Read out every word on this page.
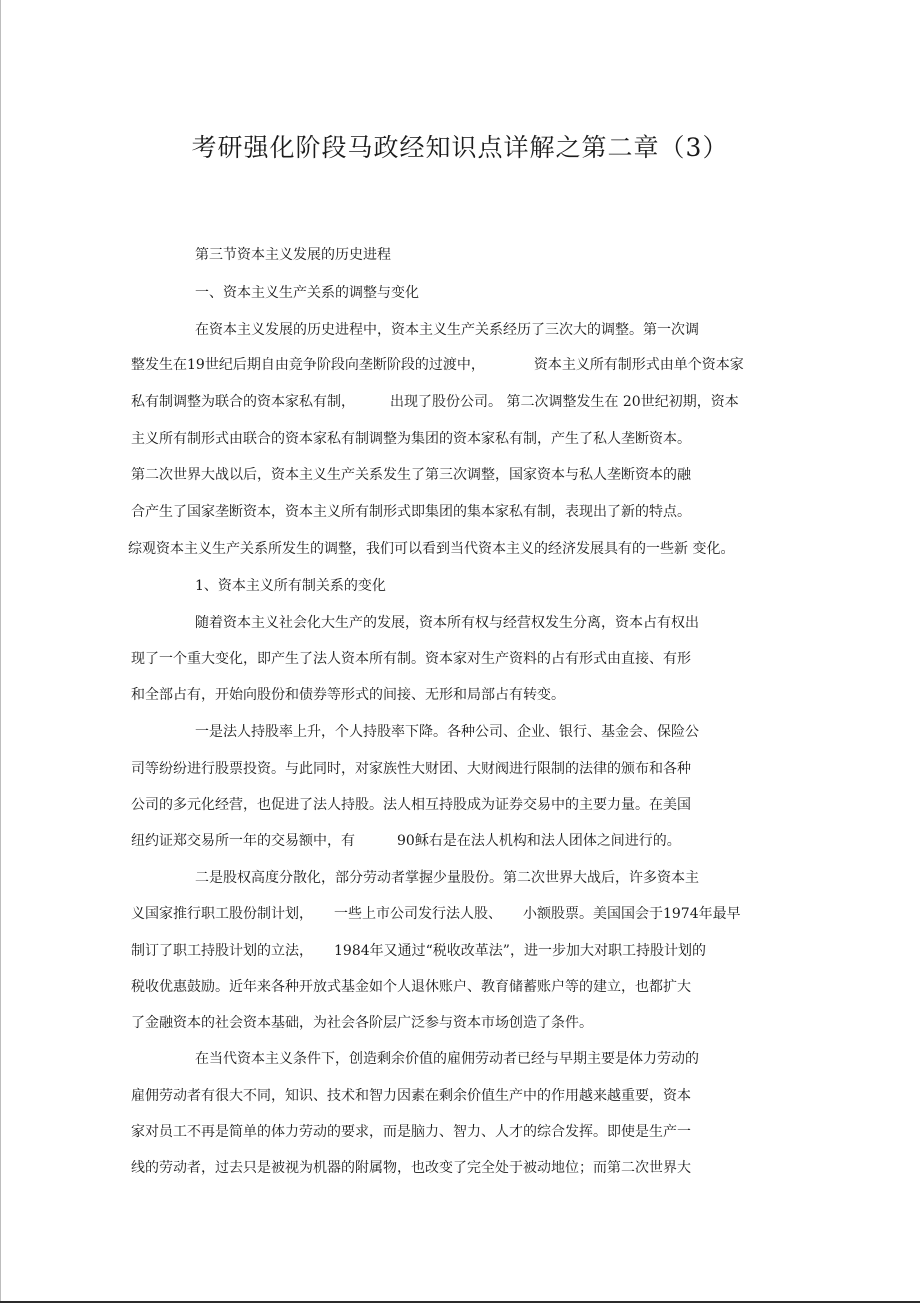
考研强化阶段马政经知识点详解之第二章（3）
第三节资本主义发展的历史进程
一、资本主义生产关系的调整与变化
在资本主义发展的历史进程中，资本主义生产关系经历了三次大的调整。第一次调
整发生在19世纪后期自由竞争阶段向垄断阶段的过渡中，　　　　资本主义所有制形式由单个资本家
私有制调整为联合的资本家私有制，　　　出现了股份公司。 第二次调整发生在 20世纪初期，资本
主义所有制形式由联合的资本家私有制调整为集团的资本家私有制，产生了私人垄断资本。
第二次世界大战以后，资本主义生产关系发生了第三次调整，国家资本与私人垄断资本的融
合产生了国家垄断资本，资本主义所有制形式即集团的集本家私有制，表现出了新的特点。
综观资本主义生产关系所发生的调整，我们可以看到当代资本主义的经济发展具有的一些新 变化。
1、资本主义所有制关系的变化
随着资本主义社会化大生产的发展，资本所有权与经营权发生分离，资本占有权出
现了一个重大变化，即产生了法人资本所有制。资本家对生产资料的占有形式由直接、有形
和全部占有，开始向股份和债券等形式的间接、无形和局部占有转变。
一是法人持股率上升，个人持股率下降。各种公司、企业、银行、基金会、保险公
司等纷纷进行股票投资。与此同时，对家族性大财团、大财阀进行限制的法律的颁布和各种
公司的多元化经营，也促进了法人持股。法人相互持股成为证券交易中的主要力量。在美国
纽约证郑交易所一年的交易额中，有　　　90稣右是在法人机构和法人团体之间进行的。
二是股权高度分散化，部分劳动者掌握少量股份。第二次世界大战后，许多资本主
义国家推行职工股份制计划，　　一些上市公司发行法人股、　　小额股票。美国国会于1974年最早
制订了职工持股计划的立法，　　1984年又通过“税收改革法”，进一步加大对职工持股计划的
税收优惠鼓励。近年来各种开放式基金如个人退休账户、教育储蓄账户等的建立，也都扩大
了金融资本的社会资本基础，为社会各阶层广泛参与资本市场创造了条件。
在当代资本主义条件下，创造剩余价值的雇佣劳动者已经与早期主要是体力劳动的
雇佣劳动者有很大不同，知识、技术和智力因素在剩余价值生产中的作用越来越重要，资本
家对员工不再是简单的体力劳动的要求，而是脑力、智力、人才的综合发挥。即使是生产一
线的劳动者，过去只是被视为机器的附属物，也改变了完全处于被动地位；而第二次世界大
